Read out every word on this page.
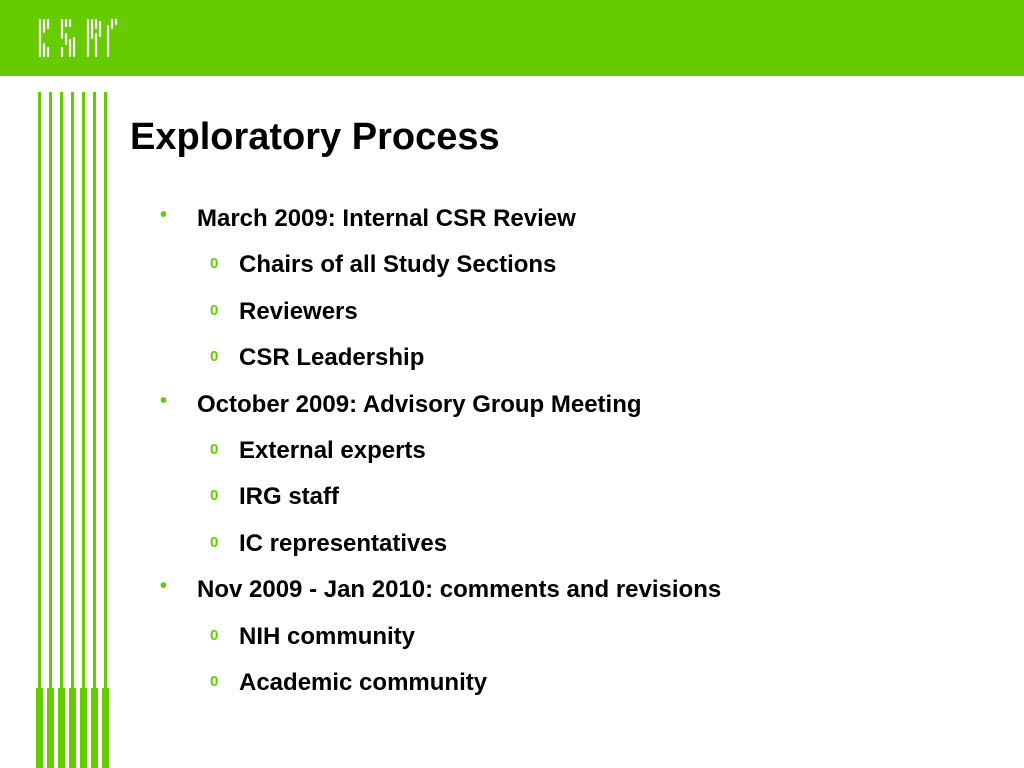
CSR
Exploratory Process
• March 2009: Internal CSR Review
0 Chairs of all Study Sections
0 Reviewers
0 CSR Leadership
• October 2009: Advisory Group Meeting
0 External experts
0 IRG staff
0 IC representatives
• Nov 2009 - Jan 2010: comments and revisions
0 NIH community
0 Academic community
